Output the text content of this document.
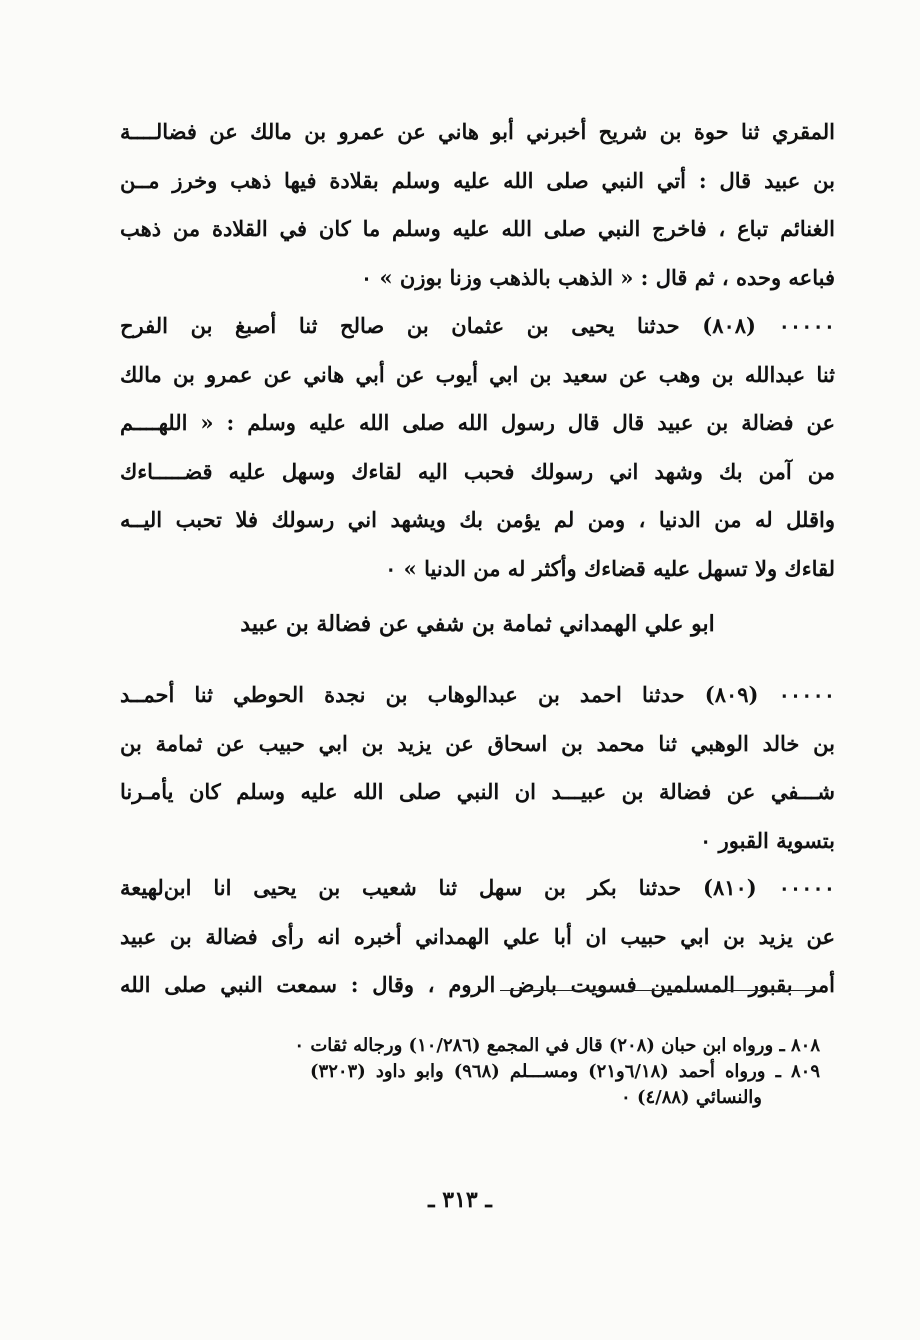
المقري ثنا حوة بن شريح أخبرني أبو هاني عن عمرو بن مالك عن فضالــــة
بن عبيد قال : أتي النبي صلى الله عليه وسلم بقلادة فيها ذهب وخرز مــن
الغنائم تباع ، فاخرج النبي صلى الله عليه وسلم ما كان في القلادة من ذهب
فباعه وحده ، ثم قال : « الذهب بالذهب وزنا بوزن » ٠
٠٠٠٠٠ (٨٠٨) حدثنا يحيى بن عثمان بن صالح ثنا أصبغ بن الفرح
ثنا عبدالله بن وهب عن سعيد بن ابي أيوب عن أبي هاني عن عمرو بن مالك
عن فضالة بن عبيد قال قال رسول الله صلى الله عليه وسلم : « اللهــــم
من آمن بك وشهد اني رسولك فحبب اليه لقاءك وسهل عليه قضـــــاءك
واقلل له من الدنيا ، ومن لم يؤمن بك ويشهد اني رسولك فلا تحبب اليــه
لقاءك ولا تسهل عليه قضاءك وأكثر له من الدنيا » ٠
ابو علي الهمداني ثمامة بن شفي عن فضالة بن عبيد
٠٠٠٠٠ (٨٠٩) حدثنا احمد بن عبدالوهاب بن نجدة الحوطي ثنا أحمــد
بن خالد الوهبي ثنا محمد بن اسحاق عن يزيد بن ابي حبيب عن ثمامة بن
شـــفي عن فضالة بن عبيـــد ان النبي صلى الله عليه وسلم كان يأمـرنا
بتسوية القبور ٠
٠٠٠٠٠ (٨١٠) حدثنا بكر بن سهل ثنا شعيب بن يحيى انا ابن‌لهيعة
عن يزيد بن ابي حبيب ان أبا علي الهمداني أخبره انه رأى فضالة بن عبيد
أمر بقبور المسلمين فسويت بارض الروم ، وقال : سمعت النبي صلى الله
٨٠٨ ـ ورواه ابن حبان (٢٠٨) قال في المجمع (١٠/٢٨٦) ورجاله ثقات ٠
٨٠٩ ـ ورواه أحمد (٦/١٨و٢١) ومســـلم (٩٦٨) وابو داود (٣٢٠٣)
والنسائي (٤/٨٨) ٠
ـ ٣١٣ ـ
